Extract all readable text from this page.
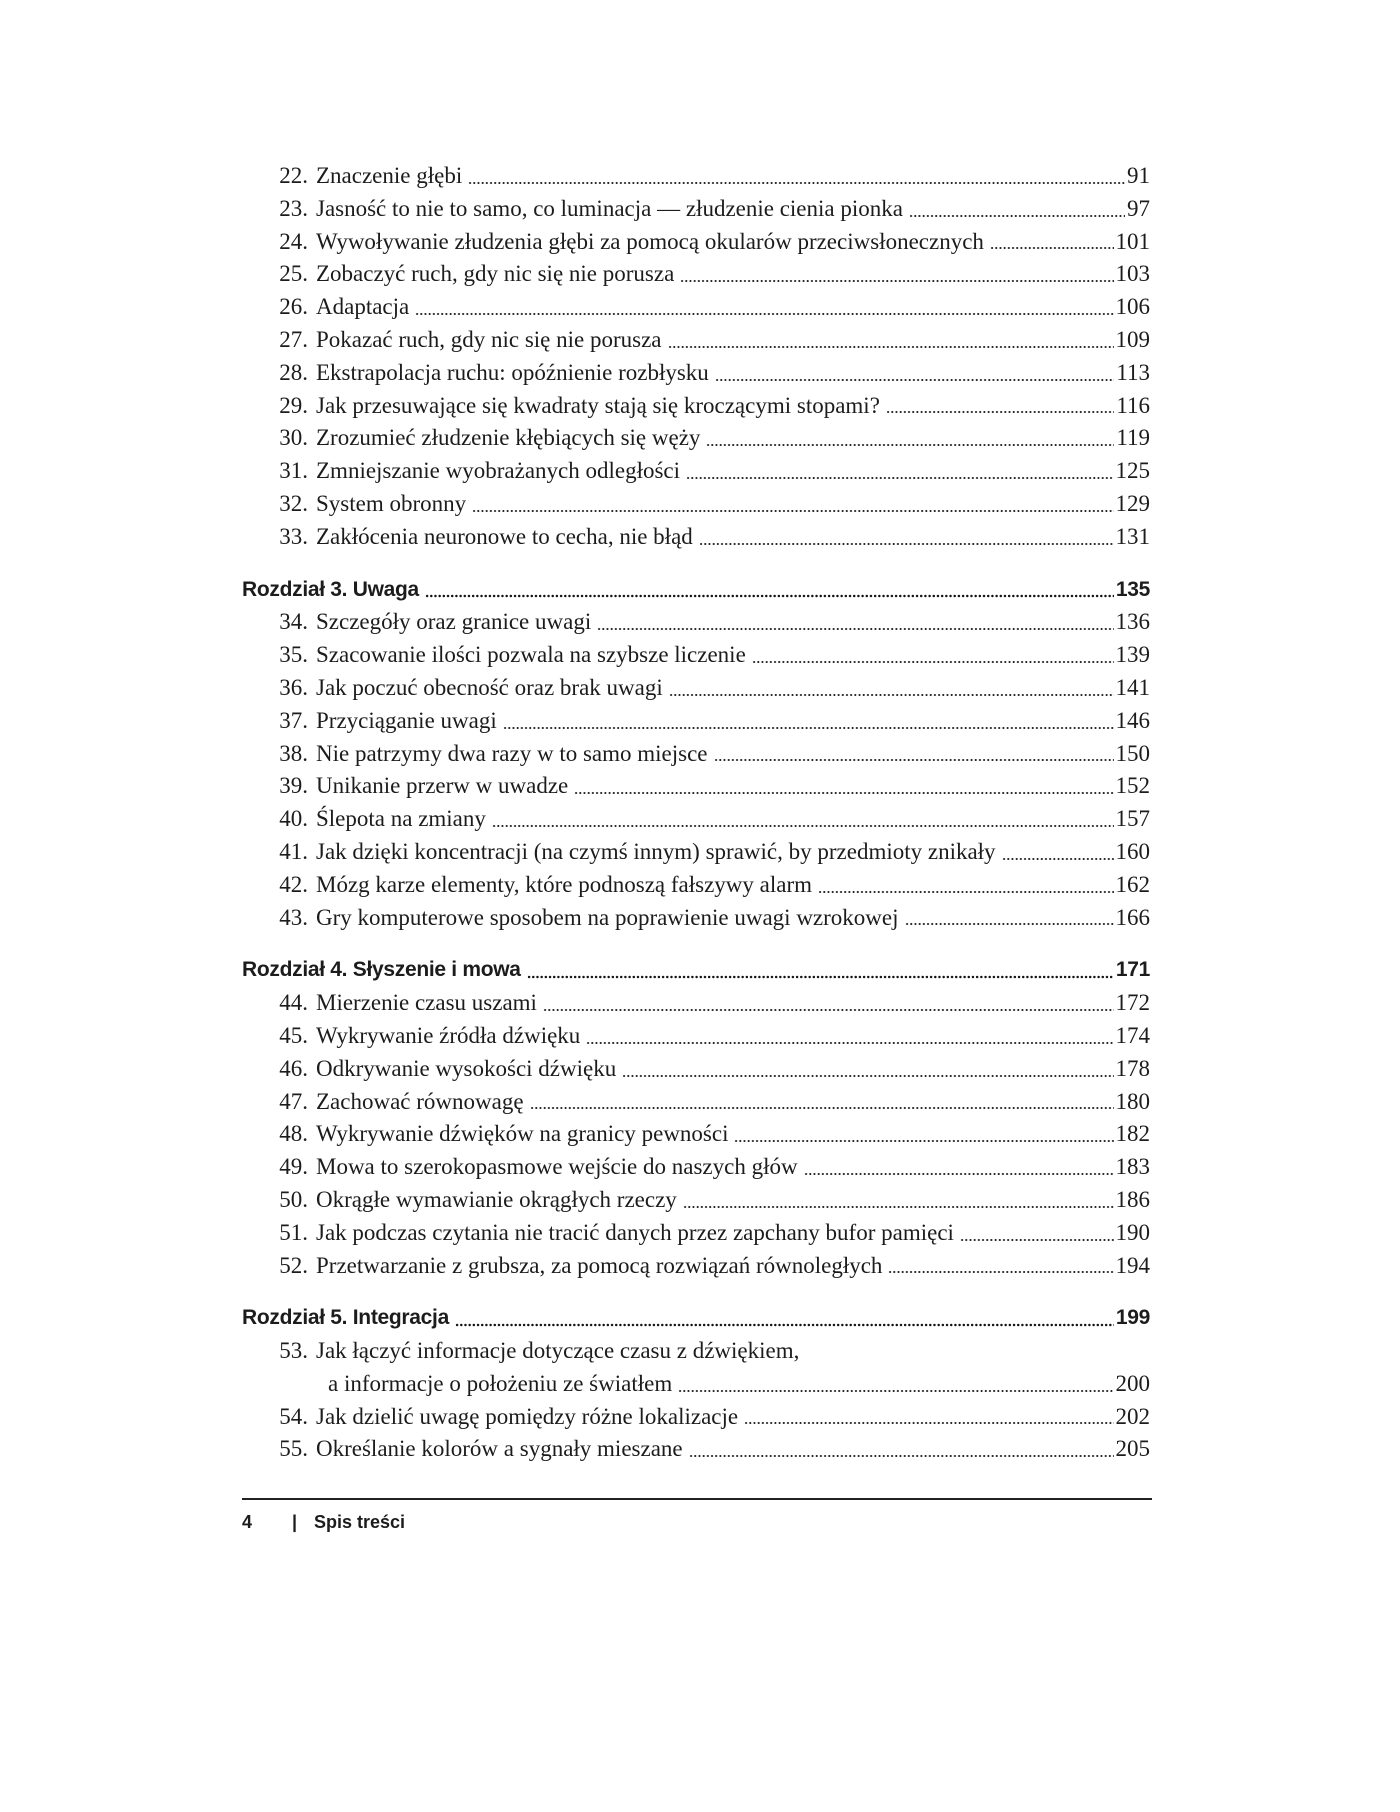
22. Znaczenie głębi	91
23. Jasność to nie to samo, co luminacja — złudzenie cienia pionka	97
24. Wywoływanie złudzenia głębi za pomocą okularów przeciwsłonecznych	101
25. Zobaczyć ruch, gdy nic się nie porusza	103
26. Adaptacja	106
27. Pokazać ruch, gdy nic się nie porusza	109
28. Ekstrapolacja ruchu: opóźnienie rozbłysku	113
29. Jak przesuwające się kwadraty stają się kroczącymi stopami?	116
30. Zrozumieć złudzenie kłębiących się węży	119
31. Zmniejszanie wyobrażanych odległości	125
32. System obronny	129
33. Zakłócenia neuronowe to cecha, nie błąd	131
Rozdział 3. Uwaga	135
34. Szczegóły oraz granice uwagi	136
35. Szacowanie ilości pozwala na szybsze liczenie	139
36. Jak poczuć obecność oraz brak uwagi	141
37. Przyciąganie uwagi	146
38. Nie patrzymy dwa razy w to samo miejsce	150
39. Unikanie przerw w uwadze	152
40. Ślepota na zmiany	157
41. Jak dzięki koncentracji (na czymś innym) sprawić, by przedmioty znikały	160
42. Mózg karze elementy, które podnoszą fałszywy alarm	162
43. Gry komputerowe sposobem na poprawienie uwagi wzrokowej	166
Rozdział 4. Słyszenie i mowa	171
44. Mierzenie czasu uszami	172
45. Wykrywanie źródła dźwięku	174
46. Odkrywanie wysokości dźwięku	178
47. Zachować równowagę	180
48. Wykrywanie dźwięków na granicy pewności	182
49. Mowa to szerokopasmowe wejście do naszych głów	183
50. Okrągłe wymawianie okrągłych rzeczy	186
51. Jak podczas czytania nie tracić danych przez zapchany bufor pamięci	190
52. Przetwarzanie z grubsza, za pomocą rozwiązań równoległych	194
Rozdział 5. Integracja	199
53. Jak łączyć informacje dotyczące czasu z dźwiękiem,
a informacje o położeniu ze światłem	200
54. Jak dzielić uwagę pomiędzy różne lokalizacje	202
55. Określanie kolorów a sygnały mieszane	205
4	| Spis treści
